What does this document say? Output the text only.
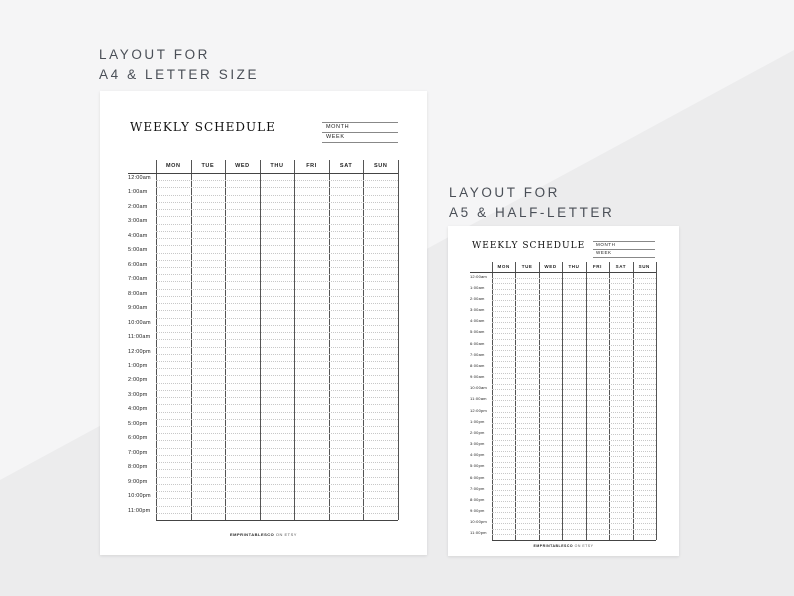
LAYOUT FOR
A4 & LETTER SIZE
LAYOUT FOR
A5 & HALF-LETTER
WEEKLY SCHEDULE	MONTH
WEEK
MON	TUE	WED	THU	FRI	SAT	SUN
12:00am
1:00am
2:00am
3:00am
4:00am
5:00am
6:00am
7:00am
8:00am
9:00am
10:00am
11:00am
12:00pm
1:00pm
2:00pm
3:00pm
4:00pm
5:00pm
6:00pm
7:00pm
8:00pm
9:00pm
10:00pm
11:00pm
EMPRINTABLESCO ON ETSY
WEEKLY SCHEDULE MONTH
WEEK
MON	TUE	WED	THU	FRI	SAT	SUN
12:00am
1:00am
2:00am
3:00am
4:00am
5:00am
6:00am
7:00am
8:00am
9:00am
10:00am
11:00am
12:00pm
1:00pm
2:00pm
3:00pm
4:00pm
5:00pm
6:00pm
7:00pm
8:00pm
9:00pm
10:00pm
11:00pm
EMPRINTABLESCO ON ETSY
